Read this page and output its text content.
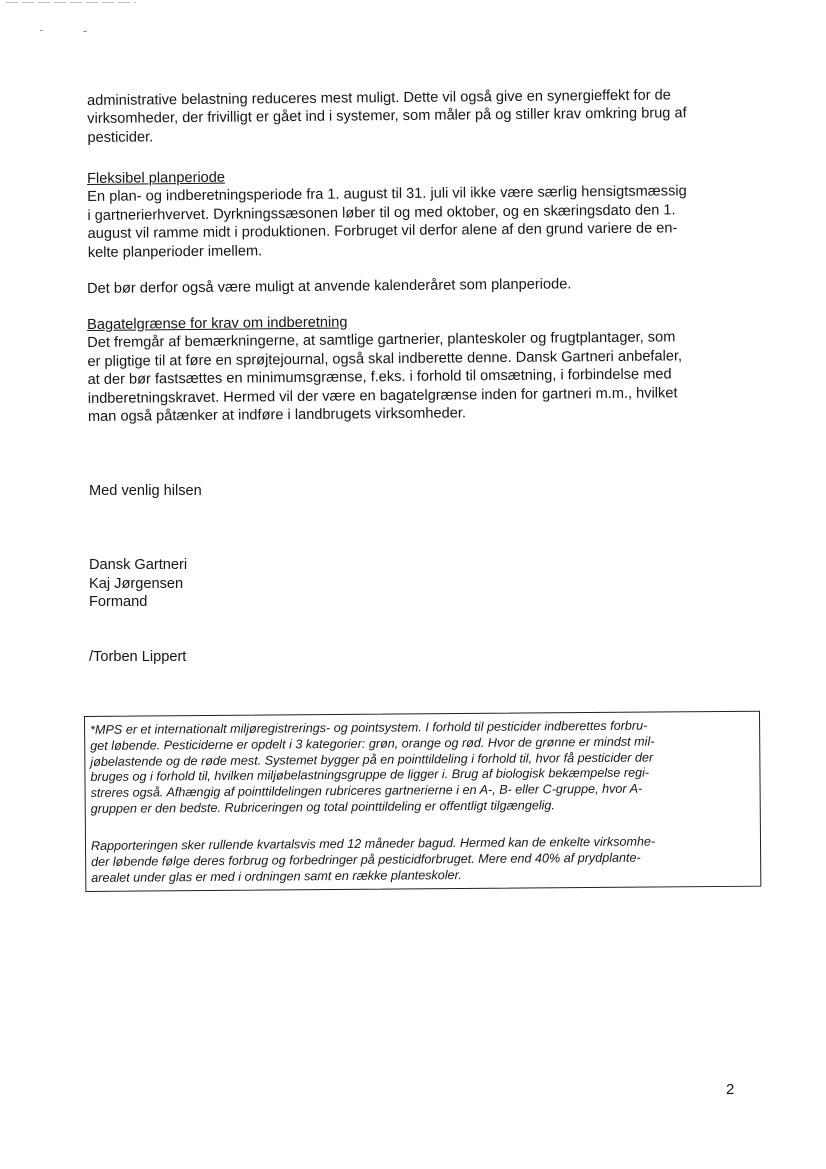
administrative belastning reduceres mest muligt. Dette vil også give en synergieffekt for de
virksomheder, der frivilligt er gået ind i systemer, som måler på og stiller krav omkring brug af
pesticider.
Fleksibel planperiode
En plan- og indberetningsperiode fra 1. august til 31. juli vil ikke være særlig hensigtsmæssig
i gartnerierhvervet. Dyrkningssæsonen løber til og med oktober, og en skæringsdato den 1.
august vil ramme midt i produktionen. Forbruget vil derfor alene af den grund variere de en-
kelte planperioder imellem.
Det bør derfor også være muligt at anvende kalenderåret som planperiode.
Bagatelgrænse for krav om indberetning
Det fremgår af bemærkningerne, at samtlige gartnerier, planteskoler og frugtplantager, som
er pligtige til at føre en sprøjtejournal, også skal indberette denne. Dansk Gartneri anbefaler,
at der bør fastsættes en minimumsgrænse, f.eks. i forhold til omsætning, i forbindelse med
indberetningskravet. Hermed vil der være en bagatelgrænse inden for gartneri m.m., hvilket
man også påtænker at indføre i landbrugets virksomheder.
Med venlig hilsen
Dansk Gartneri
Kaj Jørgensen
Formand
/Torben Lippert
*MPS er et internationalt miljøregistrerings- og pointsystem. I forhold til pesticider indberettes forbru-
get løbende. Pesticiderne er opdelt i 3 kategorier: grøn, orange og rød. Hvor de grønne er mindst mil-
jøbelastende og de røde mest. Systemet bygger på en pointtildeling i forhold til, hvor få pesticider der
bruges og i forhold til, hvilken miljøbelastningsgruppe de ligger i. Brug af biologisk bekæmpelse regi-
streres også. Afhængig af pointtildelingen rubriceres gartnerierne i en A-, B- eller C-gruppe, hvor A-
gruppen er den bedste. Rubriceringen og total pointtildeling er offentligt tilgængelig.
Rapporteringen sker rullende kvartalsvis med 12 måneder bagud. Hermed kan de enkelte virksomhe-
der løbende følge deres forbrug og forbedringer på pesticidforbruget. Mere end 40% af prydplante-
arealet under glas er med i ordningen samt en række planteskoler.
2
